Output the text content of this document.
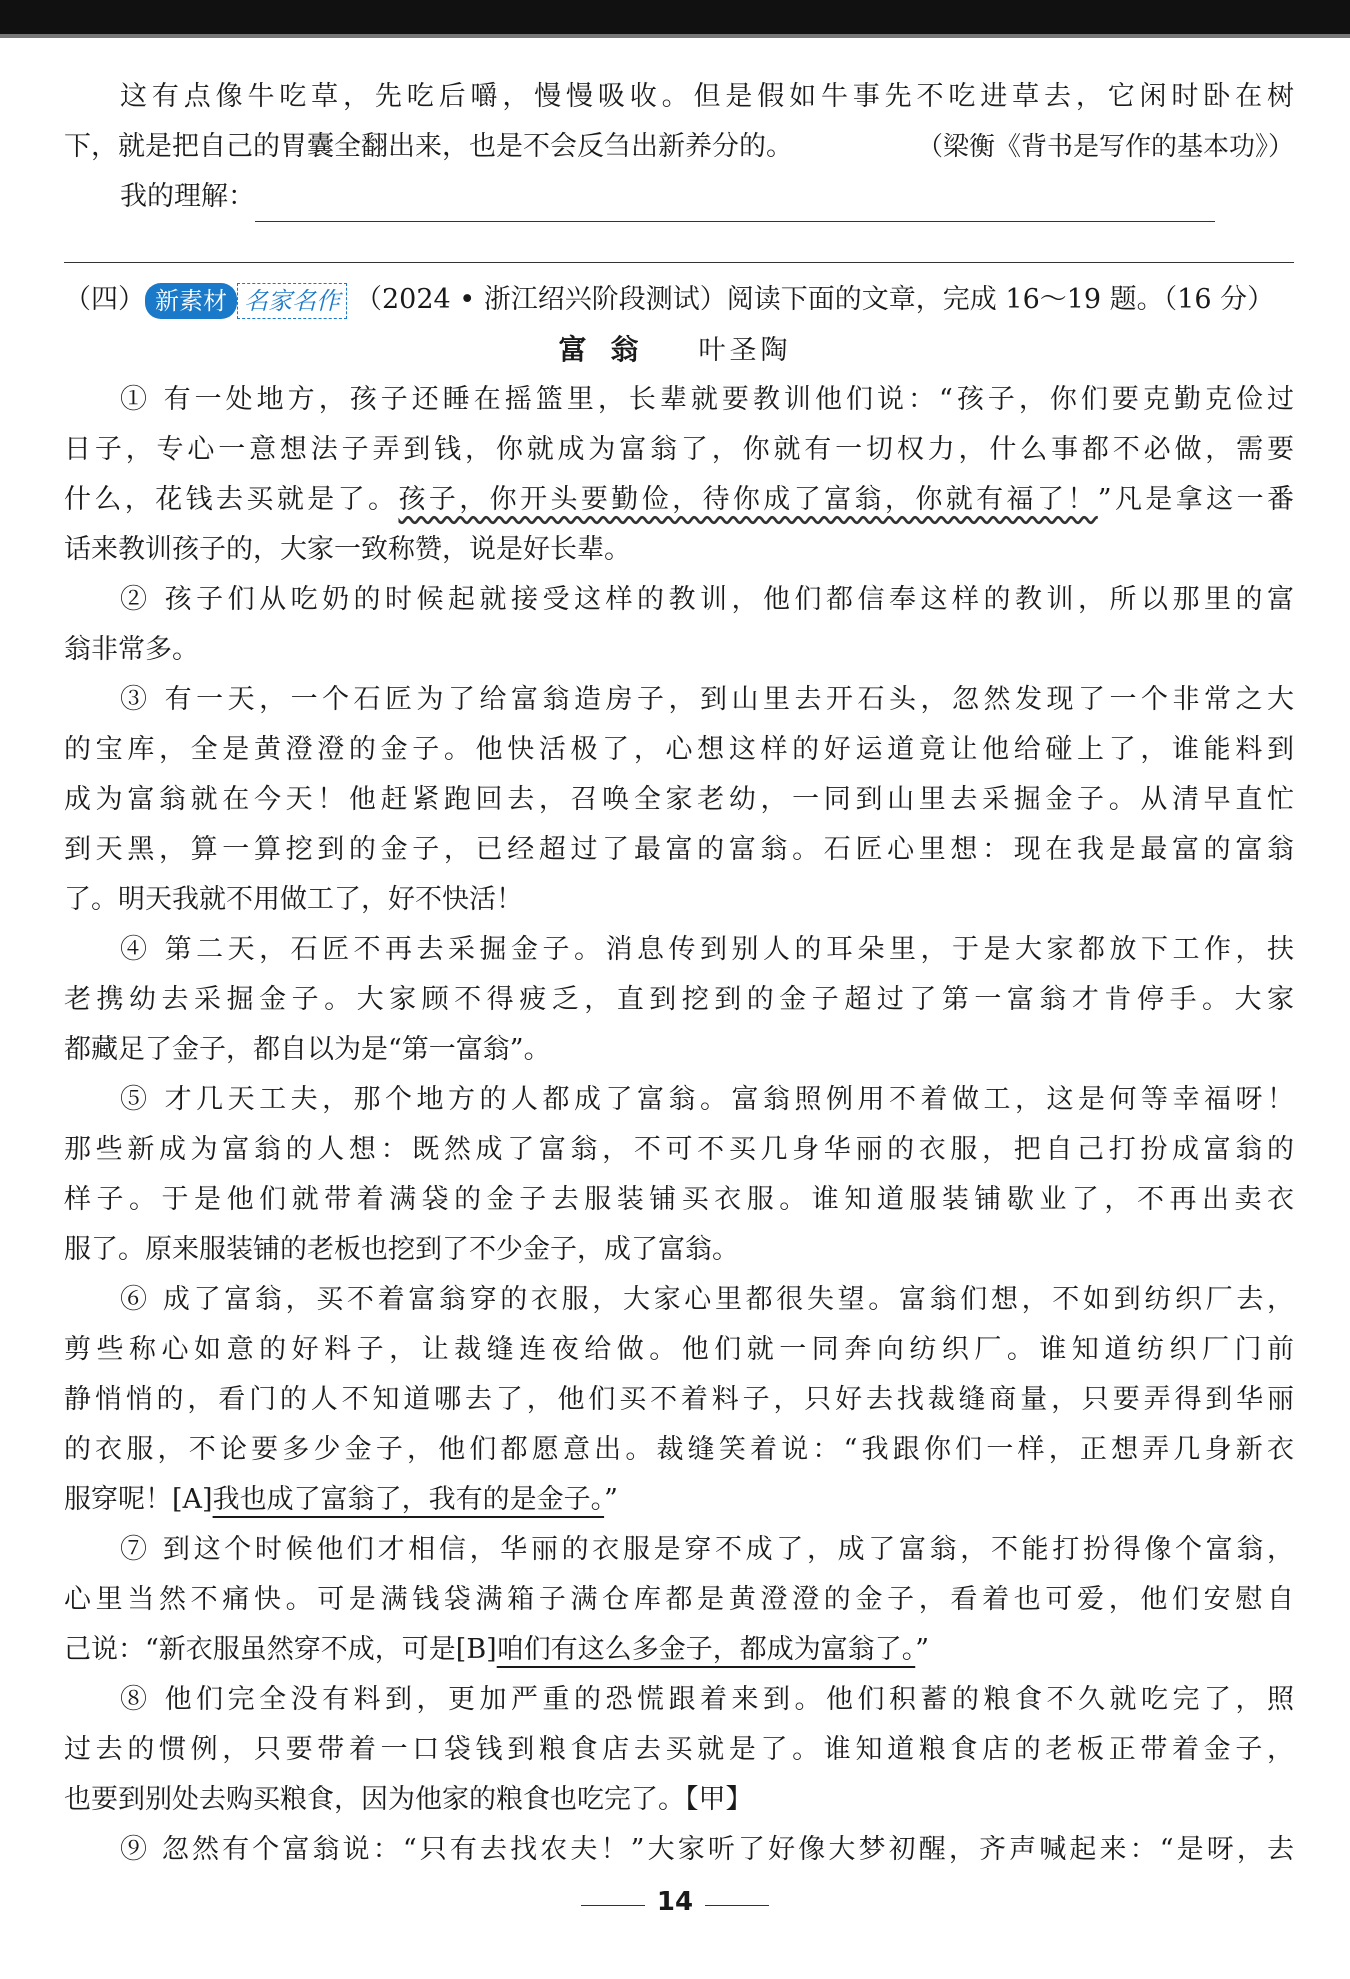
这有点像牛吃草，先吃后嚼，慢慢吸收。但是假如牛事先不吃进草去，它闲时卧在树
下，就是把自己的胃囊全翻出来，也是不会反刍出新养分的。	（梁衡《背书是写作的基本功》）
我的理解：
（四） 新素材 名家名作 （2024 • 浙江绍兴阶段测试）阅读下面的文章，完成 16～19 题。（16 分）
富翁 叶圣陶
① 有一处地方，孩子还睡在摇篮里，长辈就要教训他们说：“孩子，你们要克勤克俭过
日子，专心一意想法子弄到钱，你就成为富翁了，你就有一切权力，什么事都不必做，需要
什么，花钱去买就是了。孩子，你开头要勤俭，待你成了富翁，你就有福了！”凡是拿这一番
话来教训孩子的，大家一致称赞，说是好长辈。
② 孩子们从吃奶的时候起就接受这样的教训，他们都信奉这样的教训，所以那里的富
翁非常多。
③ 有一天，一个石匠为了给富翁造房子，到山里去开石头，忽然发现了一个非常之大
的宝库，全是黄澄澄的金子。他快活极了，心想这样的好运道竟让他给碰上了，谁能料到
成为富翁就在今天！他赶紧跑回去，召唤全家老幼，一同到山里去采掘金子。从清早直忙
到天黑，算一算挖到的金子，已经超过了最富的富翁。石匠心里想：现在我是最富的富翁
了。明天我就不用做工了，好不快活！
④ 第二天，石匠不再去采掘金子。消息传到别人的耳朵里，于是大家都放下工作，扶
老携幼去采掘金子。大家顾不得疲乏，直到挖到的金子超过了第一富翁才肯停手。大家
都藏足了金子，都自以为是“第一富翁”。
⑤ 才几天工夫，那个地方的人都成了富翁。富翁照例用不着做工，这是何等幸福呀！
那些新成为富翁的人想：既然成了富翁，不可不买几身华丽的衣服，把自己打扮成富翁的
样子。于是他们就带着满袋的金子去服装铺买衣服。谁知道服装铺歇业了，不再出卖衣
服了。原来服装铺的老板也挖到了不少金子，成了富翁。
⑥ 成了富翁，买不着富翁穿的衣服，大家心里都很失望。富翁们想，不如到纺织厂去，
剪些称心如意的好料子，让裁缝连夜给做。他们就一同奔向纺织厂。谁知道纺织厂门前
静悄悄的，看门的人不知道哪去了，他们买不着料子，只好去找裁缝商量，只要弄得到华丽
的衣服，不论要多少金子，他们都愿意出。裁缝笑着说：“我跟你们一样，正想弄几身新衣
服穿呢！[A]我也成了富翁了，我有的是金子。”
⑦ 到这个时候他们才相信，华丽的衣服是穿不成了，成了富翁，不能打扮得像个富翁，
心里当然不痛快。可是满钱袋满箱子满仓库都是黄澄澄的金子，看着也可爱，他们安慰自
己说：“新衣服虽然穿不成，可是[B]咱们有这么多金子，都成为富翁了。”
⑧ 他们完全没有料到，更加严重的恐慌跟着来到。他们积蓄的粮食不久就吃完了，照
过去的惯例，只要带着一口袋钱到粮食店去买就是了。谁知道粮食店的老板正带着金子，
也要到别处去购买粮食，因为他家的粮食也吃完了。【甲】
⑨ 忽然有个富翁说：“只有去找农夫！”大家听了好像大梦初醒，齐声喊起来：“是呀，去
14
